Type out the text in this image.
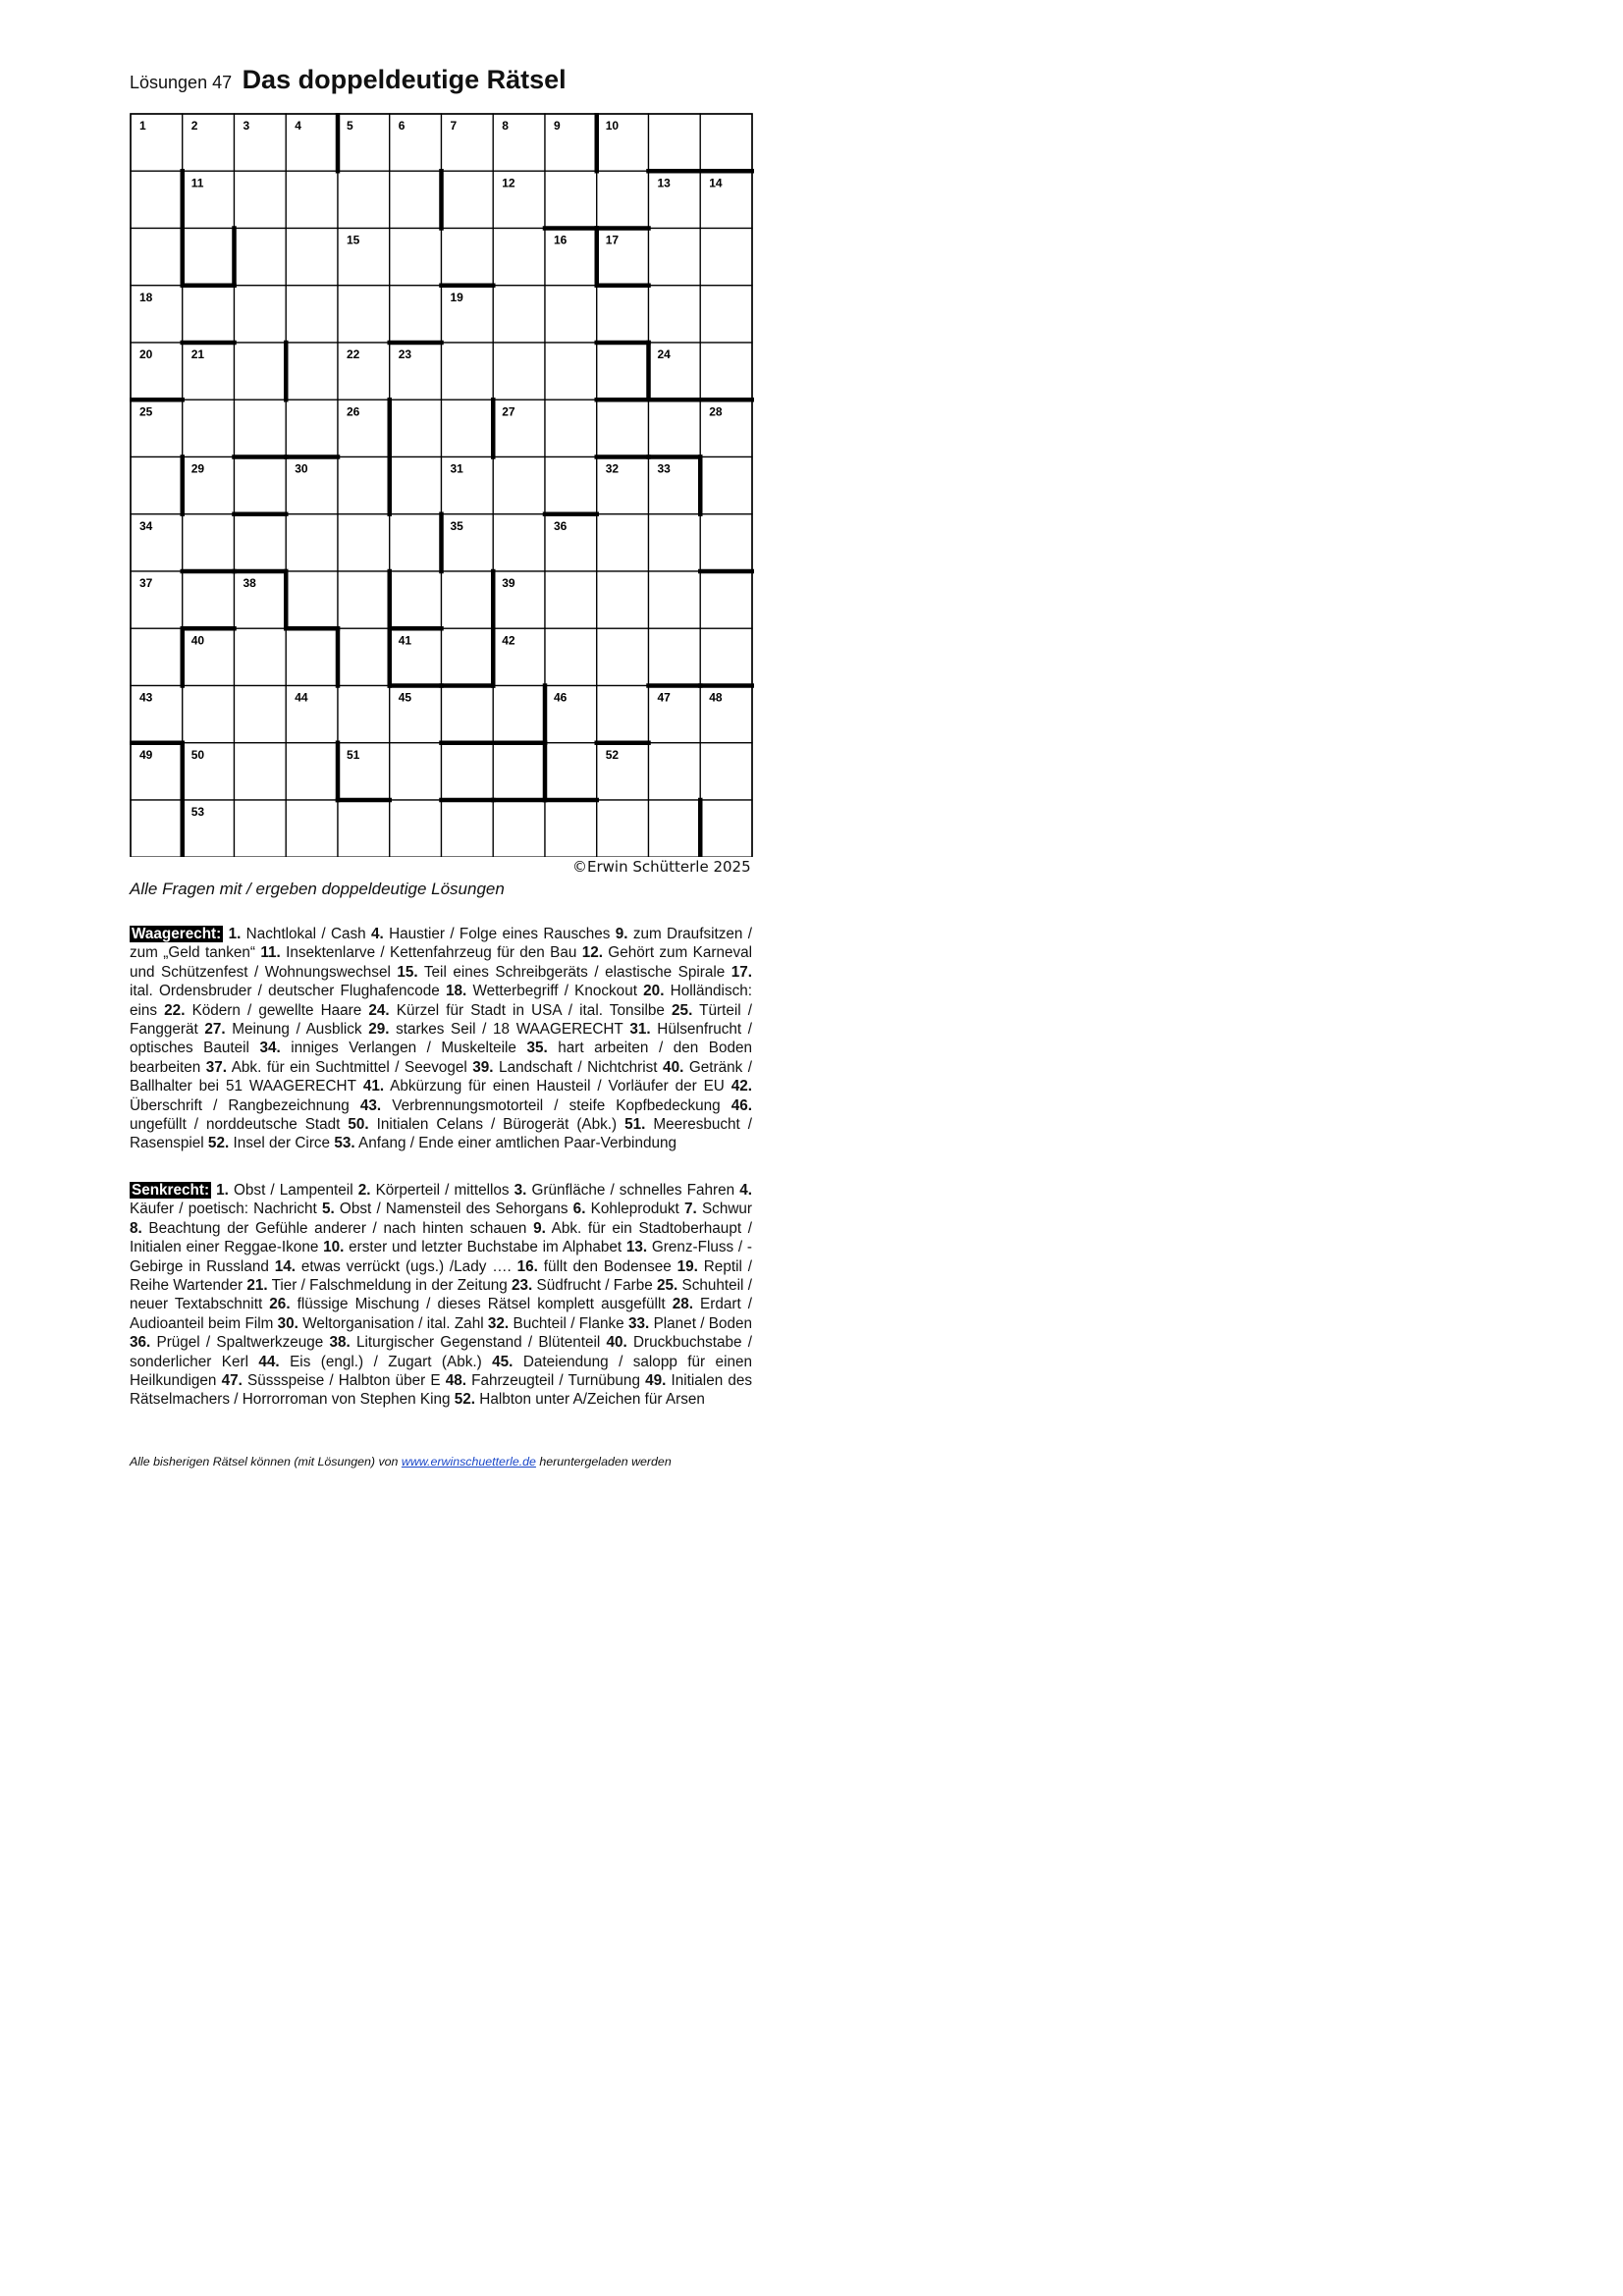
Lösungen 47 Das doppeldeutige Rätsel
1	2	3	4	5	6	7	8	9	10
11	12	13	14
15	16	17
18	19
20	21	22	23	24
25	26	27	28
29	30	31	32	33
34	35	36
37	38	39
40	41	42
43	44	45	46	47	48
49	50	51	52
53
©Erwin Schütterle 2025
Alle Fragen mit / ergeben doppeldeutige Lösungen
Waagerecht: 1. Nachtlokal / Cash 4. Haustier / Folge eines Rausches 9. zum Draufsitzen / zum „Geld tanken“ 11. Insektenlarve / Kettenfahrzeug für den Bau 12. Gehört zum Karneval und Schützenfest / Wohnungswechsel 15. Teil eines Schreibgeräts / elastische Spirale 17. ital. Ordensbruder / deutscher Flughafencode 18. Wetterbegriff / Knockout 20. Holländisch: eins 22. Ködern / gewellte Haare 24. Kürzel für Stadt in USA / ital. Tonsilbe 25. Türteil / Fanggerät 27. Meinung / Ausblick 29. starkes Seil / 18 WAAGERECHT 31. Hülsenfrucht / optisches Bauteil 34. inniges Verlangen / Muskelteile 35. hart arbeiten / den Boden bearbeiten 37. Abk. für ein Suchtmittel / Seevogel 39. Landschaft / Nichtchrist 40. Getränk / Ballhalter bei 51 WAAGERECHT 41. Abkürzung für einen Hausteil / Vorläufer der EU 42. Überschrift / Rangbezeichnung 43. Verbrennungsmotorteil / steife Kopfbedeckung 46. ungefüllt / norddeutsche Stadt 50. Initialen Celans / Bürogerät (Abk.) 51. Meeresbucht / Rasenspiel 52. Insel der Circe 53. Anfang / Ende einer amtlichen Paar-Verbindung
Senkrecht: 1. Obst / Lampenteil 2. Körperteil / mittellos 3. Grünfläche / schnelles Fahren 4. Käufer / poetisch: Nachricht 5. Obst / Namensteil des Sehorgans 6. Kohleprodukt 7. Schwur 8. Beachtung der Gefühle anderer / nach hinten schauen 9. Abk. für ein Stadtoberhaupt / Initialen einer Reggae-Ikone 10. erster und letzter Buchstabe im Alphabet 13. Grenz-Fluss / -Gebirge in Russland 14. etwas verrückt (ugs.) /Lady …. 16. füllt den Bodensee 19. Reptil / Reihe Wartender 21. Tier / Falschmeldung in der Zeitung 23. Südfrucht / Farbe 25. Schuhteil / neuer Textabschnitt 26. flüssige Mischung / dieses Rätsel komplett ausgefüllt 28. Erdart / Audioanteil beim Film 30. Weltorganisation / ital. Zahl 32. Buchteil / Flanke 33. Planet / Boden 36. Prügel / Spaltwerkzeuge 38. Liturgischer Gegenstand / Blütenteil 40. Druckbuchstabe / sonderlicher Kerl 44. Eis (engl.) / Zugart (Abk.) 45. Dateiendung / salopp für einen Heilkundigen 47. Süssspeise / Halbton über E 48. Fahrzeugteil / Turnübung 49. Initialen des Rätselmachers / Horrorroman von Stephen King 52. Halbton unter A/Zeichen für Arsen
Alle bisherigen Rätsel können (mit Lösungen) von www.erwinschuetterle.de heruntergeladen werden
